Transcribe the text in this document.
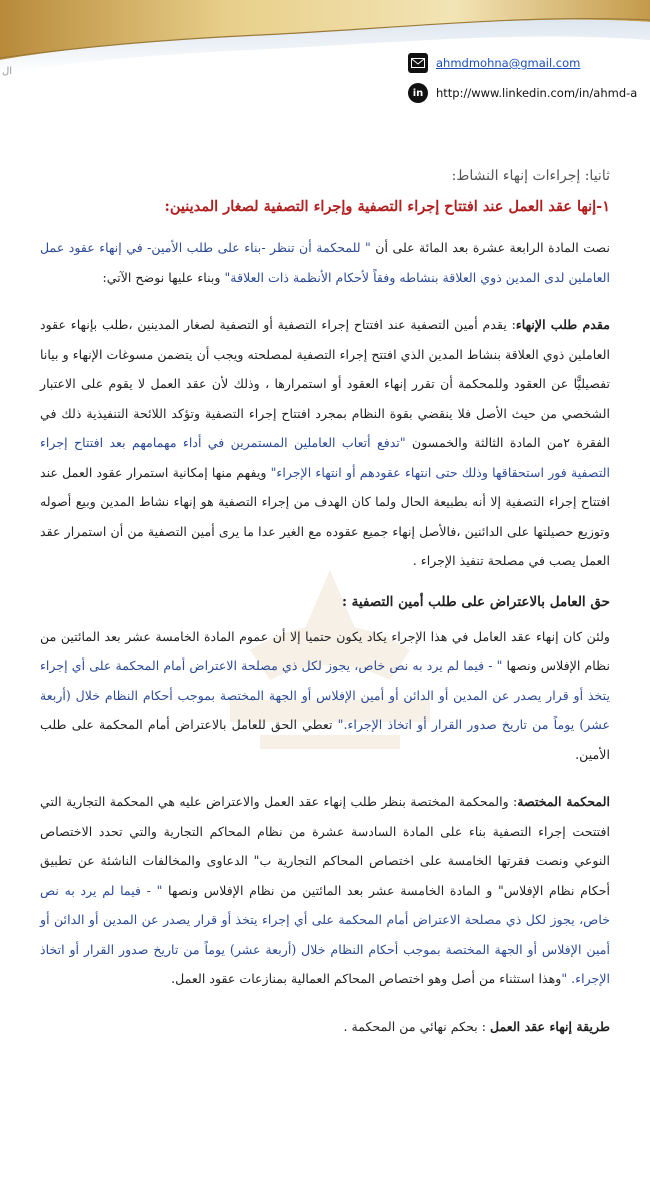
ال
ahmdmohna@gmail.com
in	http://www.linkedin.com/in/ahmd-a
ثانيا: إجراءات إنهاء النشاط:
١-إنها عقد العمل عند افتتاح إجراء التصفية وإجراء التصفية لصغار المدينين:

نصت المادة الرابعة عشرة بعد المائة على أن " للمحكمة أن تنظر -بناء على طلب الأمين- في إنهاء عقود عمل العاملين لدى المدين ذوي العلاقة بنشاطه وفقاً لأحكام الأنظمة ذات العلاقة" وبناء عليها نوضح الآتي:

مقدم طلب الإنهاء: يقدم أمين التصفية عند افتتاح إجراء التصفية أو التصفية لصغار المدينين ،طلب بإنهاء عقود العاملين ذوي العلاقة بنشاط المدين الذي افتتح إجراء التصفية لمصلحته ويجب أن يتضمن مسوغات الإنهاء و بيانا تفصيليًّا عن العقود وللمحكمة أن تقرر إنهاء العقود أو استمرارها ، وذلك لأن عقد العمل لا يقوم على الاعتبار الشخصي من حيث الأصل فلا ينقضي بقوة النظام بمجرد افتتاح إجراء التصفية وتؤكد اللائحة التنفيذية ذلك في الفقرة ٢من المادة الثالثة والخمسون "تدفع أتعاب العاملين المستمرين في أداء مهمامهم بعد افتتاح إجراء التصفية فور استحقاقها وذلك حتى انتهاء عقودهم أو انتهاء الإجراء" ويفهم منها إمكانية استمرار عقود العمل عند افتتاح إجراء التصفية إلا أنه بطبيعة الحال ولما كان الهدف من إجراء التصفية هو إنهاء نشاط المدين وبيع أصوله وتوزيع حصيلتها على الدائنين ،فالأصل إنهاء جميع عقوده مع الغير عدا ما يرى أمين التصفية من أن استمرار عقد العمل يصب في مصلحة تنفيذ الإجراء .

حق العامل بالاعتراض على طلب أمين التصفية :

ولئن كان إنهاء عقد العامل في هذا الإجراء يكاد يكون حتميا إلا أن عموم المادة الخامسة عشر بعد المائتين من نظام الإفلاس ونصها " - فيما لم يرد به نص خاص، يجوز لكل ذي مصلحة الاعتراض أمام المحكمة على أي إجراء يتخذ أو قرار يصدر عن المدين أو الدائن أو أمين الإفلاس أو الجهة المختصة بموجب أحكام النظام خلال (أربعة عشر) يوماً من تاريخ صدور القرار أو اتخاذ الإجراء." تعطي الحق للعامل بالاعتراض أمام المحكمة على طلب الأمين.

المحكمة المختصة: والمحكمة المختصة بنظر طلب إنهاء عقد العمل والاعتراض عليه هي المحكمة التجارية التي افتتحت إجراء التصفية بناء على المادة السادسة عشرة من نظام المحاكم التجارية والتي تحدد الاختصاص النوعي ونصت فقرتها الخامسة على اختصاص المحاكم التجارية ب" الدعاوى والمخالفات الناشئة عن تطبيق أحكام نظام الإفلاس" و المادة الخامسة عشر بعد المائتين من نظام الإفلاس ونصها " - فيما لم يرد به نص خاص، يجوز لكل ذي مصلحة الاعتراض أمام المحكمة على أي إجراء يتخذ أو قرار يصدر عن المدين أو الدائن أو أمين الإفلاس أو الجهة المختصة بموجب أحكام النظام خلال (أربعة عشر) يوماً من تاريخ صدور القرار أو اتخاذ الإجراء. "وهذا استثناء من أصل وهو اختصاص المحاكم العمالية بمنازعات عقود العمل.

طريقة إنهاء عقد العمل : بحكم نهائي من المحكمة .
